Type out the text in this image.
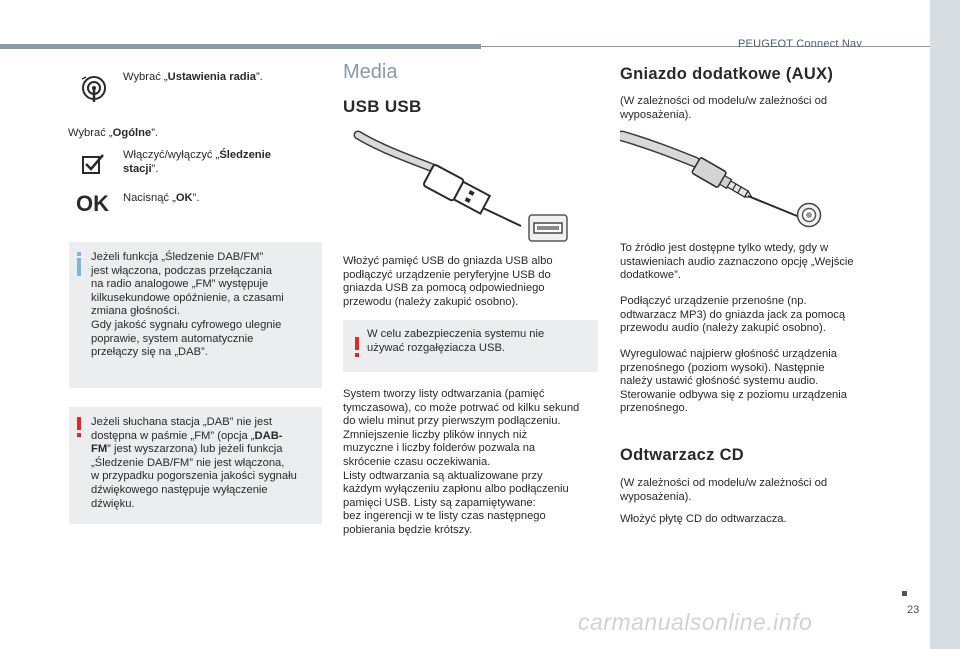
PEUGEOT Connect Nav
23
Wybrać „Ustawienia radia”.
Wybrać „Ogólne”.
Włączyć/wyłączyć „Śledzenie
stacji”.
OK Nacisnąć „OK”.
Jeżeli funkcja „Śledzenie DAB/FM”
jest włączona, podczas przełączania
na radio analogowe „FM” występuje
kilkusekundowe opóźnienie, a czasami
zmiana głośności.
Gdy jakość sygnału cyfrowego ulegnie
poprawie, system automatycznie
przełączy się na „DAB”.
Jeżeli słuchana stacja „DAB” nie jest
dostępna w paśmie „FM” (opcja „DAB-
FM” jest wyszarzona) lub jeżeli funkcja
„Śledzenie DAB/FM” nie jest włączona,
w przypadku pogorszenia jakości sygnału
dźwiękowego następuje wyłączenie
dźwięku.
Media
USB USB
Włożyć pamięć USB do gniazda USB albo
podłączyć urządzenie peryferyjne USB do
gniazda USB za pomocą odpowiedniego
przewodu (należy zakupić osobno).
W celu zabezpieczenia systemu nie
używać rozgałęziacza USB.
System tworzy listy odtwarzania (pamięć
tymczasowa), co może potrwać od kilku sekund
do wielu minut przy pierwszym podłączeniu.
Zmniejszenie liczby plików innych niż
muzyczne i liczby folderów pozwala na
skrócenie czasu oczekiwania.
Listy odtwarzania są aktualizowane przy
każdym wyłączeniu zapłonu albo podłączeniu
pamięci USB. Listy są zapamiętywane:
bez ingerencji w te listy czas następnego
pobierania będzie krótszy.
Gniazdo dodatkowe (AUX)
(W zależności od modelu/w zależności od
wyposażenia).
To źródło jest dostępne tylko wtedy, gdy w
ustawieniach audio zaznaczono opcję „Wejście
dodatkowe”.
Podłączyć urządzenie przenośne (np.
odtwarzacz MP3) do gniazda jack za pomocą
przewodu audio (należy zakupić osobno).
Wyregulować najpierw głośność urządzenia
przenośnego (poziom wysoki). Następnie
należy ustawić głośność systemu audio.
Sterowanie odbywa się z poziomu urządzenia
przenośnego.
Odtwarzacz CD
(W zależności od modelu/w zależności od
wyposażenia).
Włożyć płytę CD do odtwarzacza.
carmanualsonline.info
